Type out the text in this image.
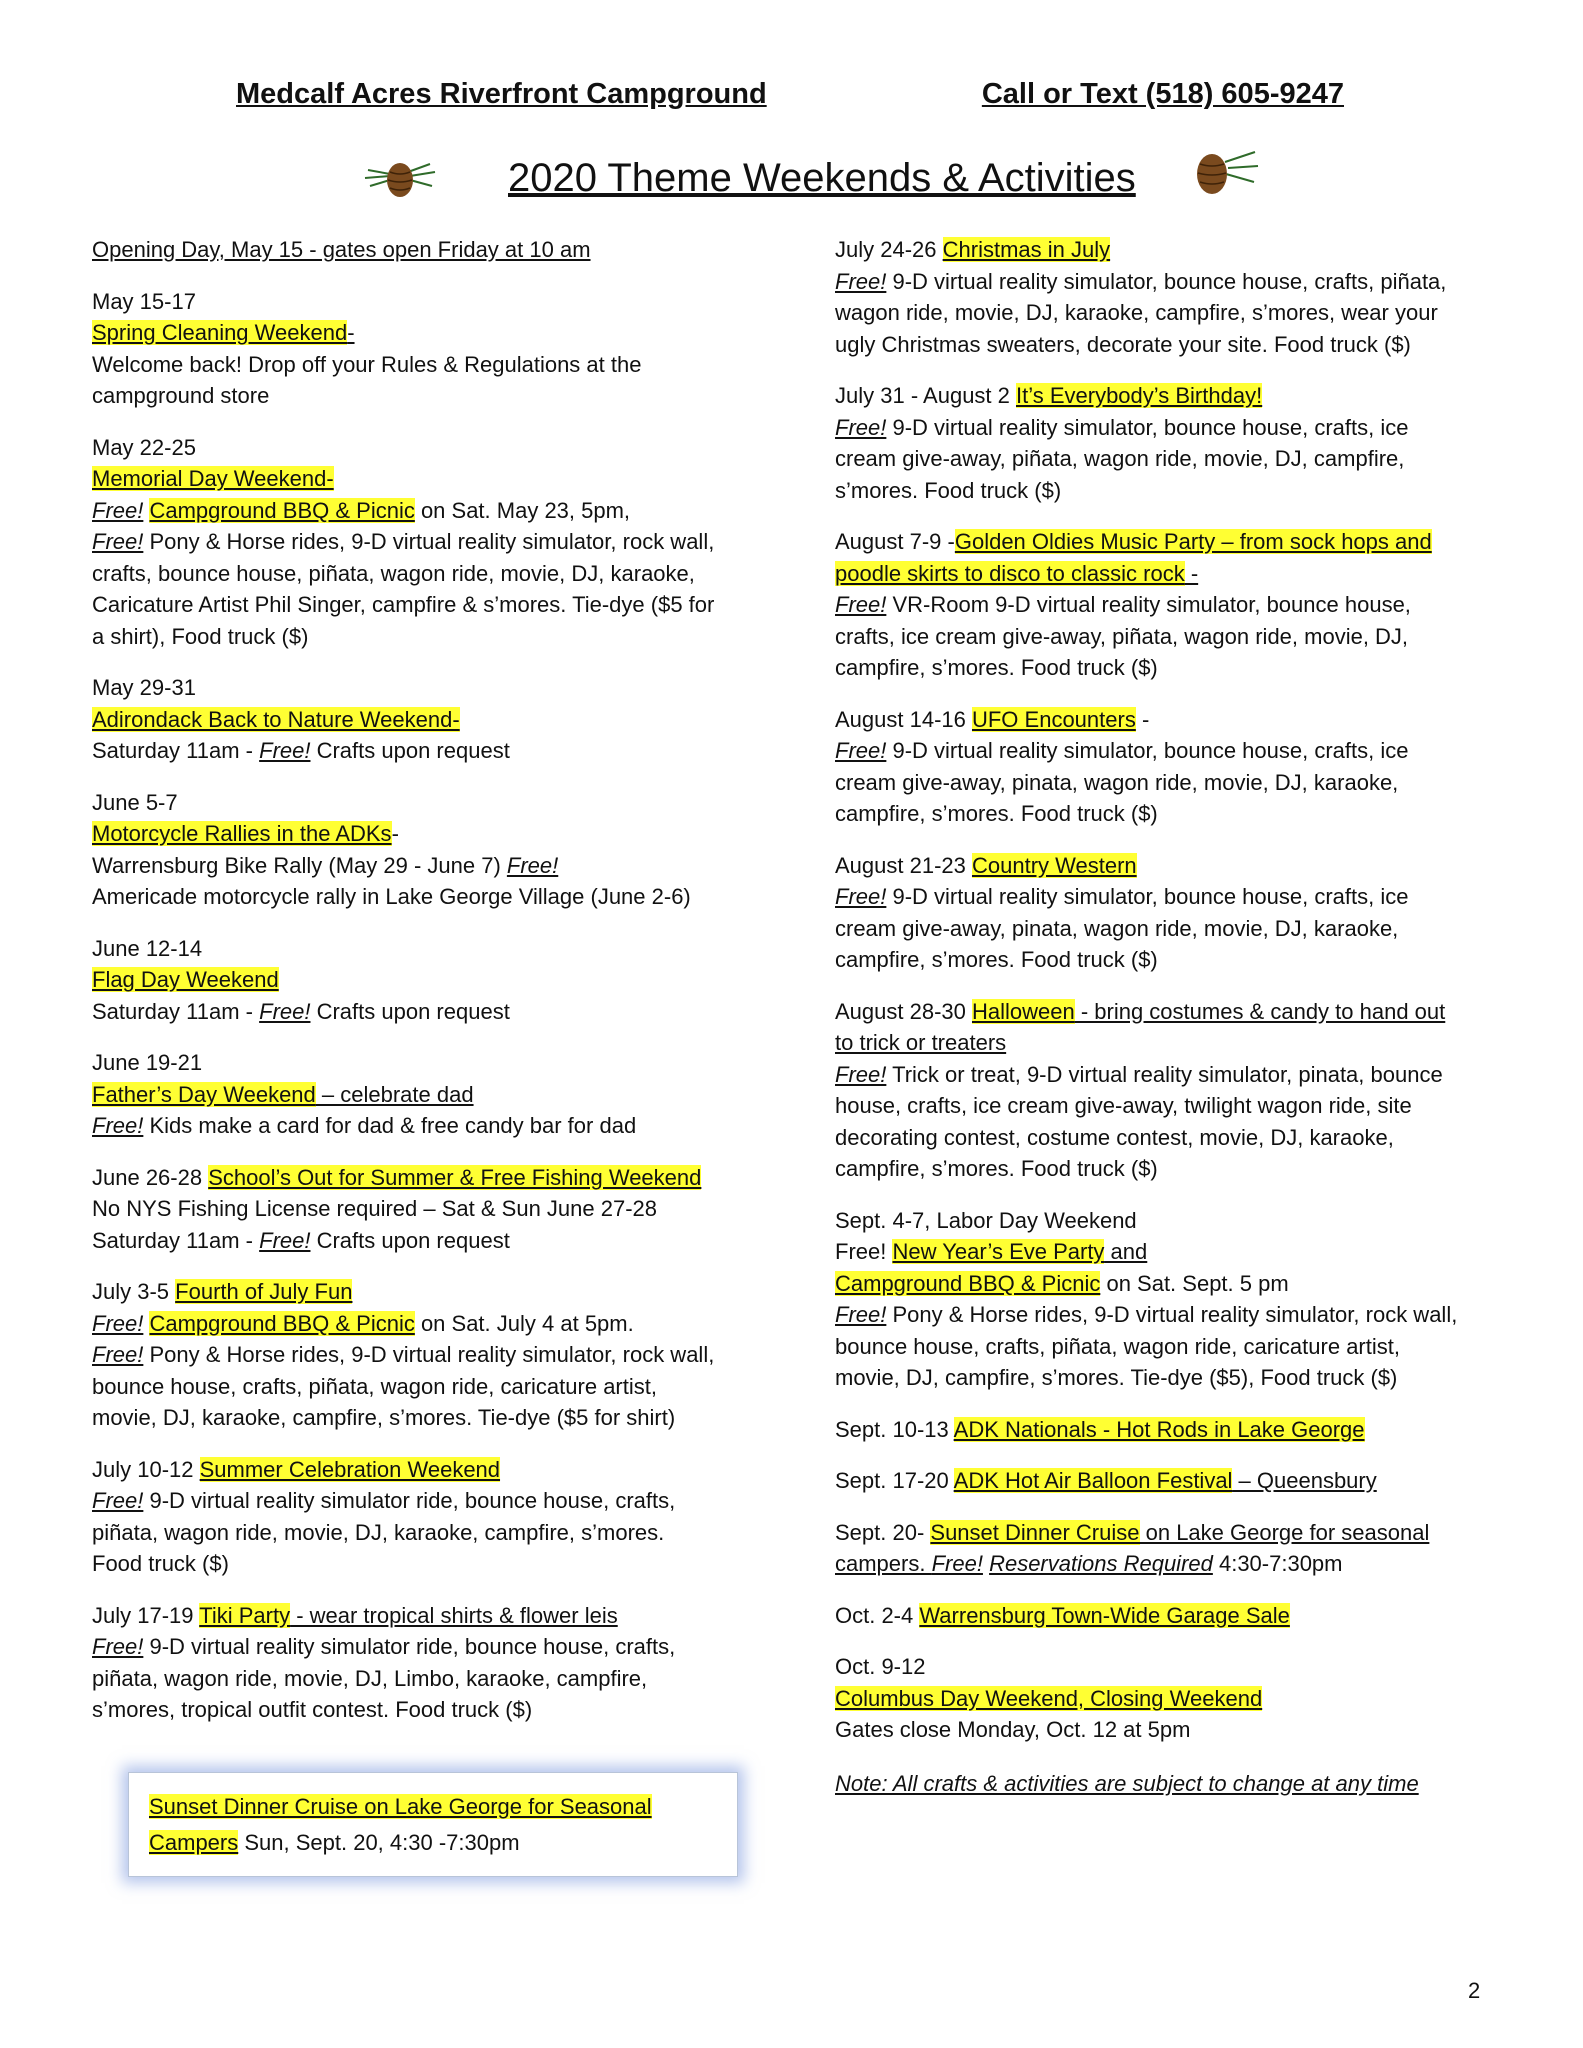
Medcalf Acres Riverfront Campground	Call or Text (518) 605-9247
2020 Theme Weekends & Activities
Opening Day, May 15 - gates open Friday at 10 am
May 15-17
Spring Cleaning Weekend-
Welcome back! Drop off your Rules & Regulations at the
campground store
May 22-25
Memorial Day Weekend-
Free! Campground BBQ & Picnic on Sat. May 23, 5pm,
Free! Pony & Horse rides, 9-D virtual reality simulator, rock wall,
crafts, bounce house, piñata, wagon ride, movie, DJ, karaoke,
Caricature Artist Phil Singer, campfire & s’mores. Tie-dye ($5 for
a shirt), Food truck ($)
May 29-31
Adirondack Back to Nature Weekend-
Saturday 11am - Free! Crafts upon request
June 5-7
Motorcycle Rallies in the ADKs-
Warrensburg Bike Rally (May 29 - June 7) Free!
Americade motorcycle rally in Lake George Village (June 2-6)
June 12-14
Flag Day Weekend
Saturday 11am - Free! Crafts upon request
June 19-21
Father’s Day Weekend – celebrate dad
Free! Kids make a card for dad & free candy bar for dad
June 26-28 School’s Out for Summer & Free Fishing Weekend
No NYS Fishing License required – Sat & Sun June 27-28
Saturday 11am - Free! Crafts upon request
July 3-5 Fourth of July Fun
Free! Campground BBQ & Picnic on Sat. July 4 at 5pm.
Free! Pony & Horse rides, 9-D virtual reality simulator, rock wall,
bounce house, crafts, piñata, wagon ride, caricature artist,
movie, DJ, karaoke, campfire, s’mores. Tie-dye ($5 for shirt)
July 10-12 Summer Celebration Weekend
Free! 9-D virtual reality simulator ride, bounce house, crafts,
piñata, wagon ride, movie, DJ, karaoke, campfire, s’mores.
Food truck ($)
July 17-19 Tiki Party - wear tropical shirts & flower leis
Free! 9-D virtual reality simulator ride, bounce house, crafts,
piñata, wagon ride, movie, DJ, Limbo, karaoke, campfire,
s’mores, tropical outfit contest. Food truck ($)
Sunset Dinner Cruise on Lake George for Seasonal
Campers Sun, Sept. 20, 4:30 -7:30pm
July 24-26 Christmas in July
Free! 9-D virtual reality simulator, bounce house, crafts, piñata,
wagon ride, movie, DJ, karaoke, campfire, s’mores, wear your
ugly Christmas sweaters, decorate your site. Food truck ($)
July 31 - August 2 It’s Everybody’s Birthday!
Free! 9-D virtual reality simulator, bounce house, crafts, ice
cream give-away, piñata, wagon ride, movie, DJ, campfire,
s’mores. Food truck ($)
August 7-9 -Golden Oldies Music Party – from sock hops and
poodle skirts to disco to classic rock -
Free! VR-Room 9-D virtual reality simulator, bounce house,
crafts, ice cream give-away, piñata, wagon ride, movie, DJ,
campfire, s’mores. Food truck ($)
August 14-16 UFO Encounters -
Free! 9-D virtual reality simulator, bounce house, crafts, ice
cream give-away, pinata, wagon ride, movie, DJ, karaoke,
campfire, s’mores. Food truck ($)
August 21-23 Country Western
Free! 9-D virtual reality simulator, bounce house, crafts, ice
cream give-away, pinata, wagon ride, movie, DJ, karaoke,
campfire, s’mores. Food truck ($)
August 28-30 Halloween - bring costumes & candy to hand out
to trick or treaters
Free! Trick or treat, 9-D virtual reality simulator, pinata, bounce
house, crafts, ice cream give-away, twilight wagon ride, site
decorating contest, costume contest, movie, DJ, karaoke,
campfire, s’mores. Food truck ($)
Sept. 4-7, Labor Day Weekend
Free! New Year’s Eve Party and
Campground BBQ & Picnic on Sat. Sept. 5 pm
Free! Pony & Horse rides, 9-D virtual reality simulator, rock wall,
bounce house, crafts, piñata, wagon ride, caricature artist,
movie, DJ, campfire, s’mores. Tie-dye ($5), Food truck ($)
Sept. 10-13 ADK Nationals - Hot Rods in Lake George
Sept. 17-20 ADK Hot Air Balloon Festival – Queensbury
Sept. 20- Sunset Dinner Cruise on Lake George for seasonal
campers. Free! Reservations Required 4:30-7:30pm
Oct. 2-4 Warrensburg Town-Wide Garage Sale
Oct. 9-12
Columbus Day Weekend, Closing Weekend
Gates close Monday, Oct. 12 at 5pm
Note: All crafts & activities are subject to change at any time
2
